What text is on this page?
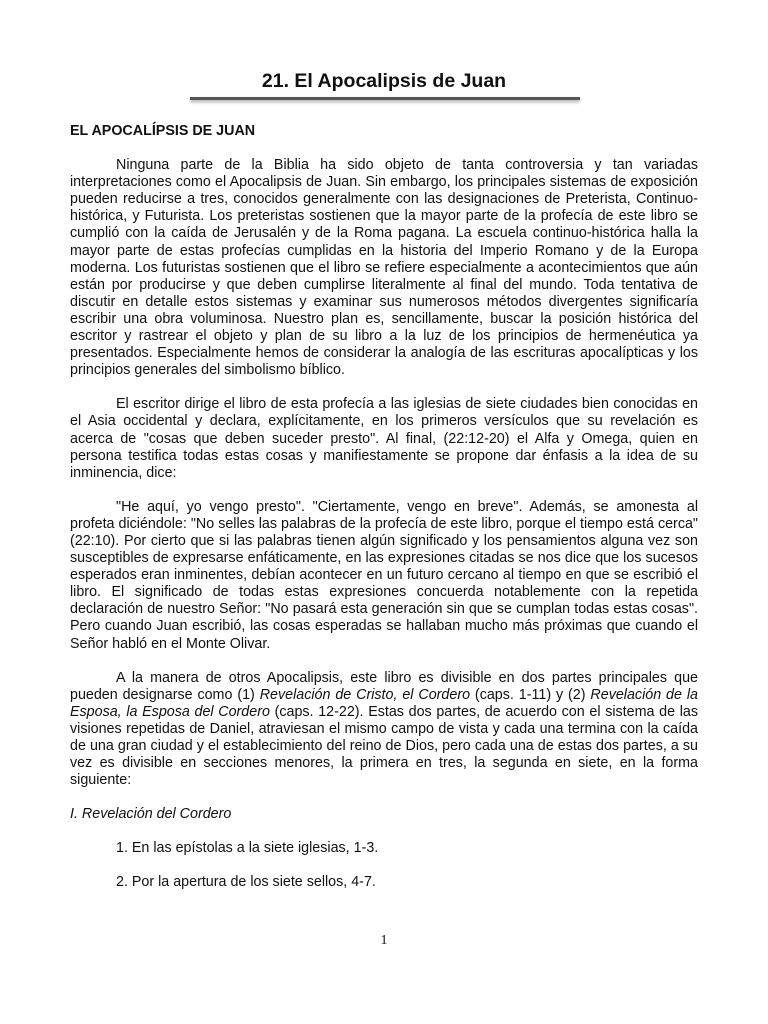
21. El Apocalipsis de Juan
EL APOCALÍPSIS DE JUAN

Ninguna parte de la Biblia ha sido objeto de tanta controversia y tan variadas interpretaciones como el Apocalipsis de Juan. Sin embargo, los principales sistemas de exposición pueden reducirse a tres, conocidos generalmente con las designaciones de Preterista, Continuo-histórica, y Futurista. Los preteristas sostienen que la mayor parte de la profecía de este libro se cumplió con la caída de Jerusalén y de la Roma pagana. La escuela continuo-histórica halla la mayor parte de estas profecías cumplidas en la historia del Imperio Romano y de la Europa moderna. Los futuristas sostienen que el libro se refiere especialmente a acontecimientos que aún están por producirse y que deben cumplirse literalmente al final del mundo. Toda tentativa de discutir en detalle estos sistemas y examinar sus numerosos métodos divergentes significaría escribir una obra voluminosa. Nuestro plan es, sencillamente, buscar la posición histórica del escritor y rastrear el objeto y plan de su libro a la luz de los principios de hermenéutica ya presentados. Especialmente hemos de considerar la analogía de las escrituras apocalípticas y los principios generales del simbolismo bíblico.

El escritor dirige el libro de esta profecía a las iglesias de siete ciudades bien conocidas en el Asia occidental y declara, explícitamente, en los primeros versículos que su revelación es acerca de "cosas que deben suceder presto". Al final, (22:12-20) el Alfa y Omega, quien en persona testifica todas estas cosas y manifiestamente se propone dar énfasis a la idea de su inminencia, dice:

"He aquí, yo vengo presto". "Ciertamente, vengo en breve". Además, se amonesta al profeta diciéndole: "No selles las palabras de la profecía de este libro, porque el tiempo está cerca" (22:10). Por cierto que si las palabras tienen algún significado y los pensamientos alguna vez son susceptibles de expresarse enfáticamente, en las expresiones citadas se nos dice que los sucesos esperados eran inminentes, debían acontecer en un futuro cercano al tiempo en que se escribió el libro. El significado de todas estas expresiones concuerda notablemente con la repetida declaración de nuestro Señor: "No pasará esta generación sin que se cumplan todas estas cosas". Pero cuando Juan escribió, las cosas esperadas se hallaban mucho más próximas que cuando el Señor habló en el Monte Olivar.

A la manera de otros Apocalipsis, este libro es divisible en dos partes principales que pueden designarse como (1) Revelación de Cristo, el Cordero (caps. 1-11) y (2) Revelación de la Esposa, la Esposa del Cordero (caps. 12-22). Estas dos partes, de acuerdo con el sistema de las visiones repetidas de Daniel, atraviesan el mismo campo de vista y cada una termina con la caída de una gran ciudad y el establecimiento del reino de Dios, pero cada una de estas dos partes, a su vez es divisible en secciones menores, la primera en tres, la segunda en siete, en la forma siguiente:

I. Revelación del Cordero
1. En las epístolas a la siete iglesias, 1-3.
2. Por la apertura de los siete sellos, 4-7.
1
